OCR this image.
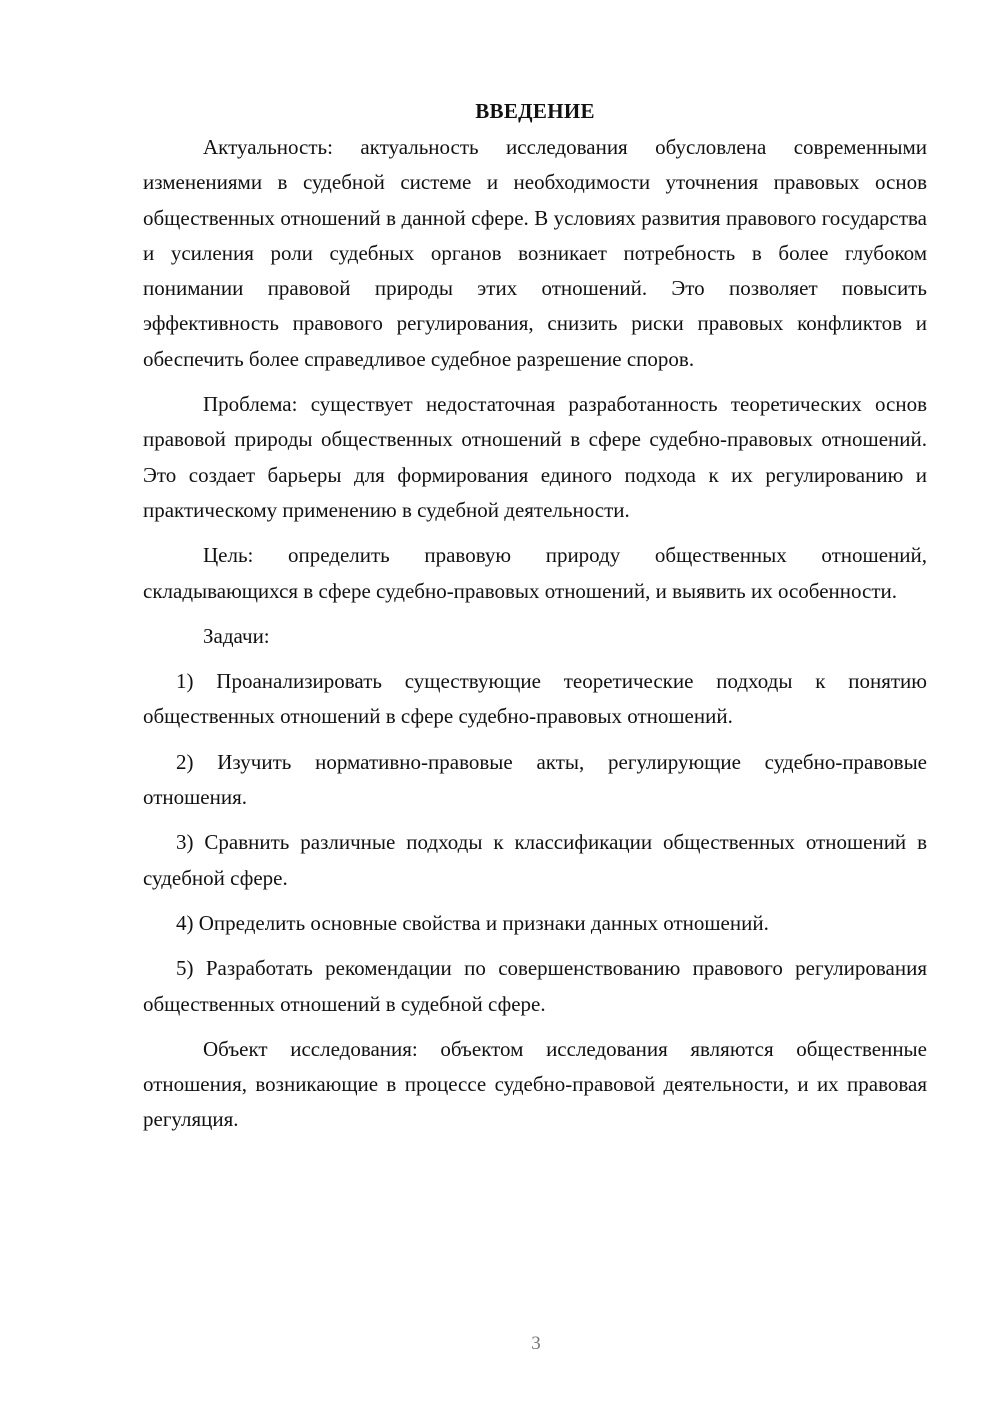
ВВЕДЕНИЕ

Актуальность: актуальность исследования обусловлена современными изменениями в судебной системе и необходимости уточнения правовых основ общественных отношений в данной сфере. В условиях развития правового государства и усиления роли судебных органов возникает потребность в более глубоком понимании правовой природы этих отношений. Это позволяет повысить эффективность правового регулирования, снизить риски правовых конфликтов и обеспечить более справедливое судебное разрешение споров.

Проблема: существует недостаточная разработанность теоретических основ правовой природы общественных отношений в сфере судебно-правовых отношений. Это создает барьеры для формирования единого подхода к их регулированию и практическому применению в судебной деятельности.

Цель: определить правовую природу общественных отношений, складывающихся в сфере судебно-правовых отношений, и выявить их особенности.

Задачи:

1) Проанализировать существующие теоретические подходы к понятию общественных отношений в сфере судебно-правовых отношений.

2) Изучить нормативно-правовые акты, регулирующие судебно-правовые отношения.

3) Сравнить различные подходы к классификации общественных отношений в судебной сфере.

4) Определить основные свойства и признаки данных отношений.

5) Разработать рекомендации по совершенствованию правового регулирования общественных отношений в судебной сфере.

Объект исследования: объектом исследования являются общественные отношения, возникающие в процессе судебно-правовой деятельности, и их правовая регуляция.

3
